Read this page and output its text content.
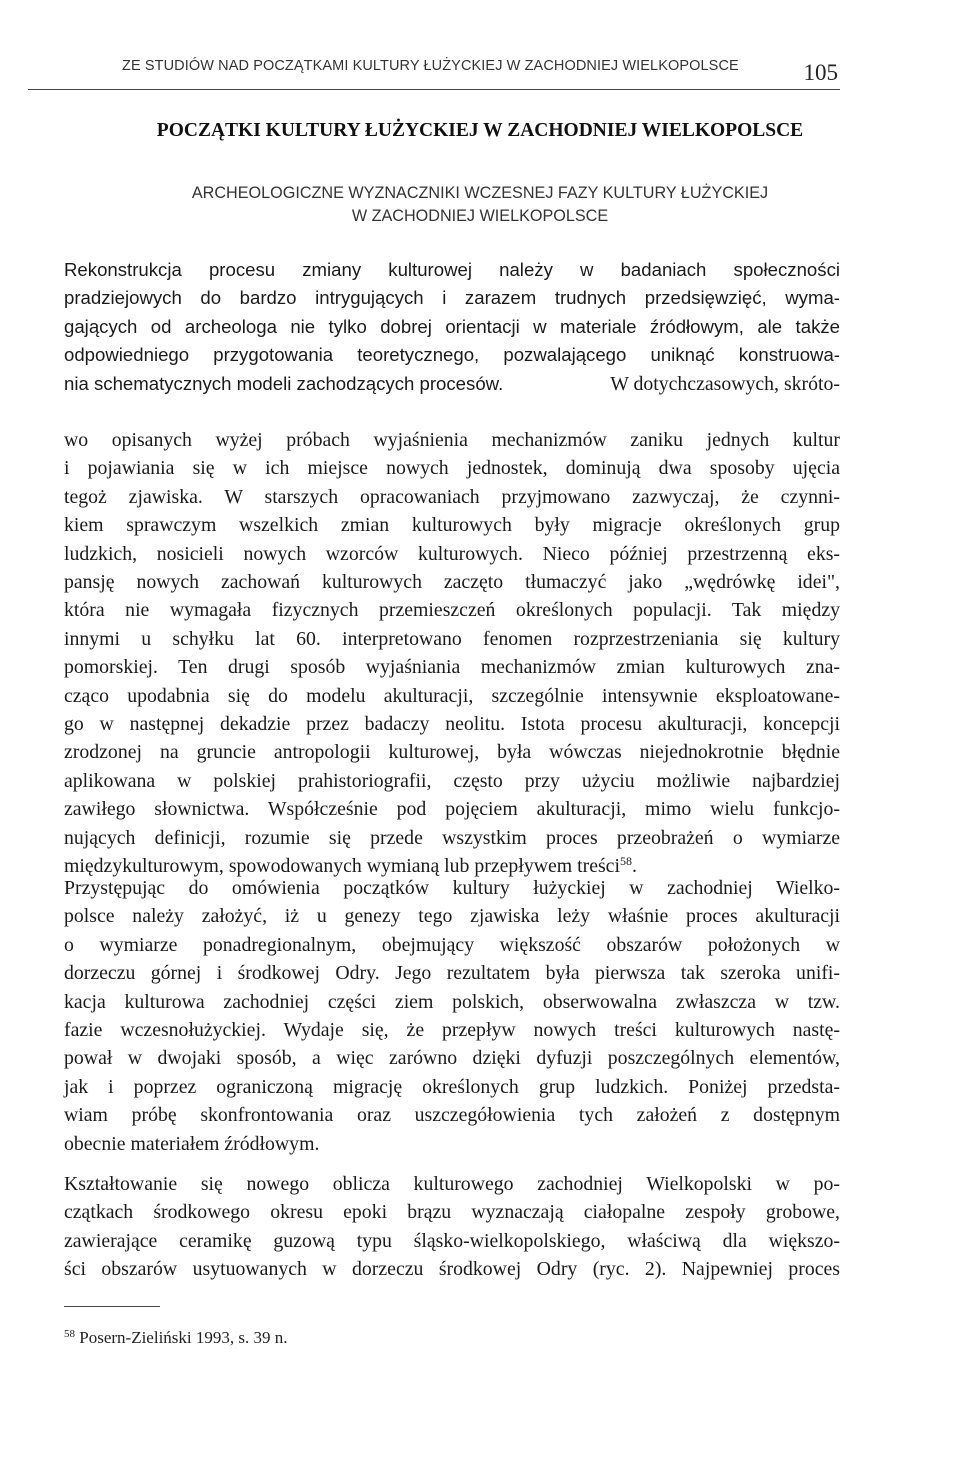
ZE STUDIÓW NAD POCZĄTKAMI KULTURY ŁUŻYCKIEJ W ZACHODNIEJ WIELKOPOLSCE	105
POCZĄTKI KULTURY ŁUŻYCKIEJ W ZACHODNIEJ WIELKOPOLSCE
ARCHEOLOGICZNE WYZNACZNIKI WCZESNEJ FAZY KULTURY ŁUŻYCKIEJ
W ZACHODNIEJ WIELKOPOLSCE
Rekonstrukcja procesu zmiany kulturowej należy w badaniach społeczności
pradziejowych do bardzo intrygujących i zarazem trudnych przedsięwzięć, wyma-
gających od archeologa nie tylko dobrej orientacji w materiale źródłowym, ale także
odpowiedniego przygotowania teoretycznego, pozwalającego uniknąć konstruowa-
nia schematycznych modeli zachodzących procesów.	W dotychczasowych, skróto-
wo opisanych wyżej próbach wyjaśnienia mechanizmów zaniku jednych kultur
i pojawiania się w ich miejsce nowych jednostek, dominują dwa sposoby ujęcia
tegoż zjawiska. W starszych opracowaniach przyjmowano zazwyczaj, że czynni-
kiem sprawczym wszelkich zmian kulturowych były migracje określonych grup
ludzkich, nosicieli nowych wzorców kulturowych. Nieco później przestrzenną eks-
pansję nowych zachowań kulturowych zaczęto tłumaczyć jako „wędrówkę idei",
która nie wymagała fizycznych przemieszczeń określonych populacji. Tak między
innymi u schyłku lat 60. interpretowano fenomen rozprzestrzeniania się kultury
pomorskiej. Ten drugi sposób wyjaśniania mechanizmów zmian kulturowych zna-
cząco upodabnia się do modelu akulturacji, szczególnie intensywnie eksploatowane-
go w następnej dekadzie przez badaczy neolitu. Istota procesu akulturacji, koncepcji
zrodzonej na gruncie antropologii kulturowej, była wówczas niejednokrotnie błędnie
aplikowana w polskiej prahistoriografii, często przy użyciu możliwie najbardziej
zawiłego słownictwa. Współcześnie pod pojęciem akulturacji, mimo wielu funkcjo-
nujących definicji, rozumie się przede wszystkim proces przeobrażeń o wymiarze
międzykulturowym, spowodowanych wymianą lub przepływem treści$^{58}$.
Przystępując do omówienia początków kultury łużyckiej w zachodniej Wielko-
polsce należy założyć, iż u genezy tego zjawiska leży właśnie proces akulturacji
o wymiarze ponadregionalnym, obejmujący większość obszarów położonych w
dorzeczu górnej i środkowej Odry. Jego rezultatem była pierwsza tak szeroka unifi-
kacja kulturowa zachodniej części ziem polskich, obserwowalna zwłaszcza w tzw.
fazie wczesnołużyckiej. Wydaje się, że przepływ nowych treści kulturowych nastę-
pował w dwojaki sposób, a więc zarówno dzięki dyfuzji poszczególnych elementów,
jak i poprzez ograniczoną migrację określonych grup ludzkich. Poniżej przedsta-
wiam próbę skonfrontowania oraz uszczegółowienia tych założeń z dostępnym
obecnie materiałem źródłowym.
Kształtowanie się nowego oblicza kulturowego zachodniej Wielkopolski w po-
czątkach środkowego okresu epoki brązu wyznaczają ciałopalne zespoły grobowe,
zawierające ceramikę guzową typu śląsko-wielkopolskiego, właściwą dla większo-
ści obszarów usytuowanych w dorzeczu środkowej Odry (ryc. 2). Najpewniej proces
$^{58}$ Posern-Zieliński 1993, s. 39 n.
